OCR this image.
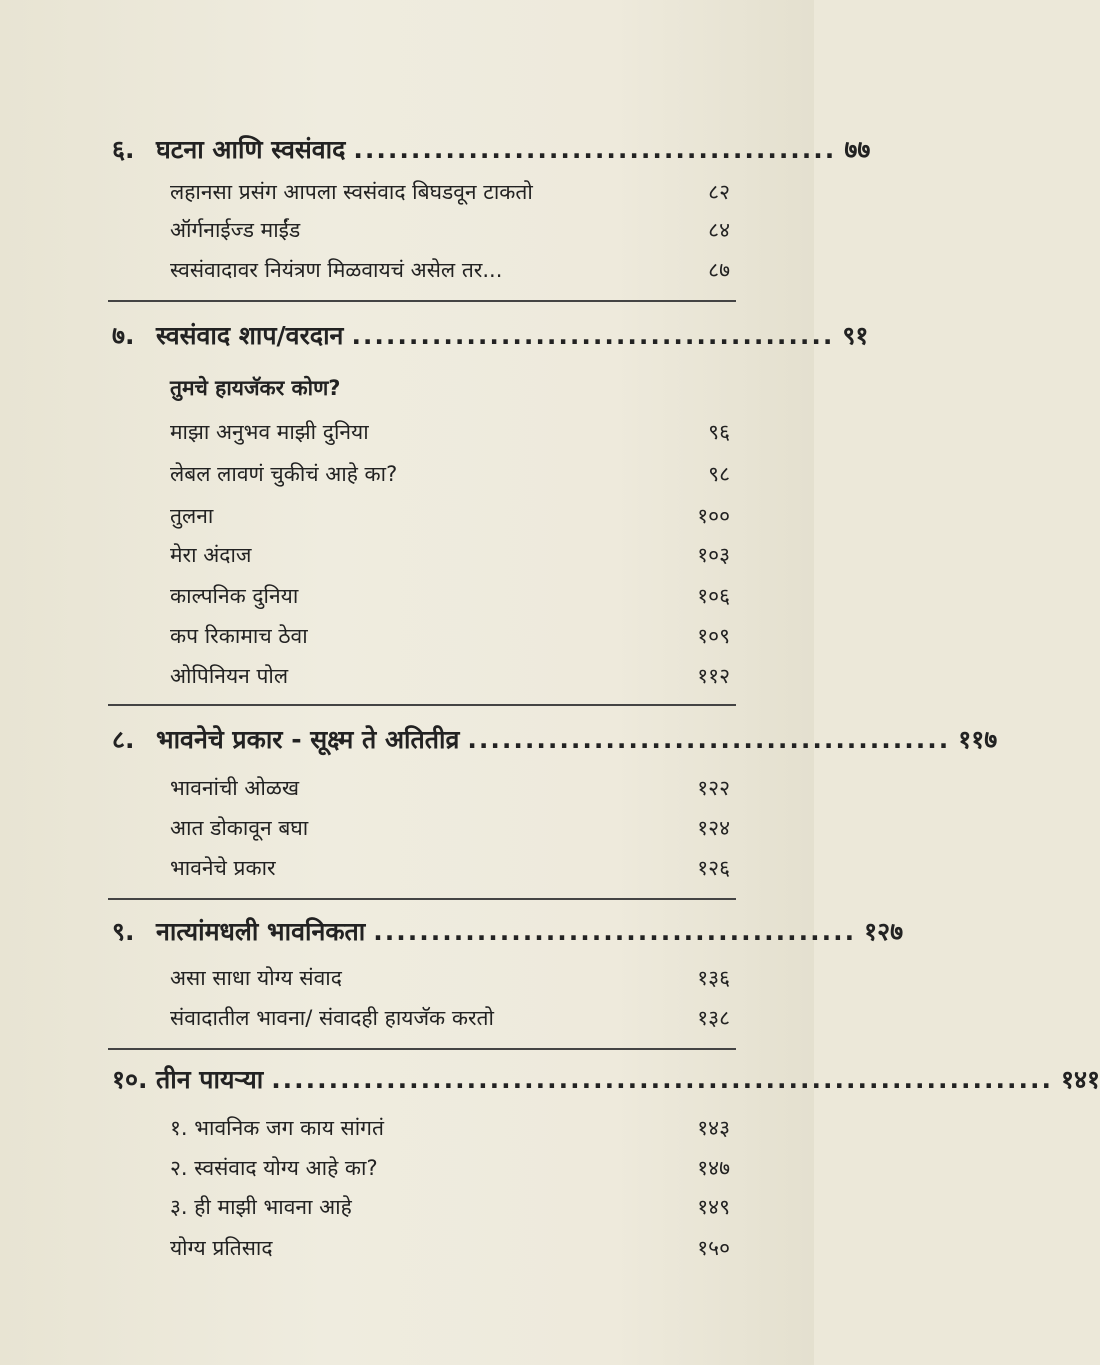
६. घटना आणि स्वसंवाद .......................................... ७७
लहानसा प्रसंग आपला स्वसंवाद बिघडवून टाकतो	८२
ऑर्गनाईज्ड माईंड	८४
स्वसंवादावर नियंत्रण मिळवायचं असेल तर...	८७
७. स्वसंवाद शाप/वरदान .......................................... ९१
तुमचे हायजॅकर कोण?
माझा अनुभव माझी दुनिया	९६
लेबल लावणं चुकीचं आहे का?	९८
तुलना	१००
मेरा अंदाज	१०३
काल्पनिक दुनिया	१०६
कप रिकामाच ठेवा	१०९
ओपिनियन पोल	११२
८. भावनेचे प्रकार - सूक्ष्म ते अतितीव्र .......................................... ११७
भावनांची ओळख	१२२
आत डोकावून बघा	१२४
भावनेचे प्रकार	१२६
९. नात्यांमधली भावनिकता .......................................... १२७
असा साधा योग्य संवाद	१३६
संवादातील भावना/ संवादही हायजॅक करतो	१३८
१०. तीन पायऱ्या .................................................................... १४१
१. भावनिक जग काय सांगतं	१४३
२. स्वसंवाद योग्य आहे का?	१४७
३. ही माझी भावना आहे	१४९
योग्य प्रतिसाद	१५०
